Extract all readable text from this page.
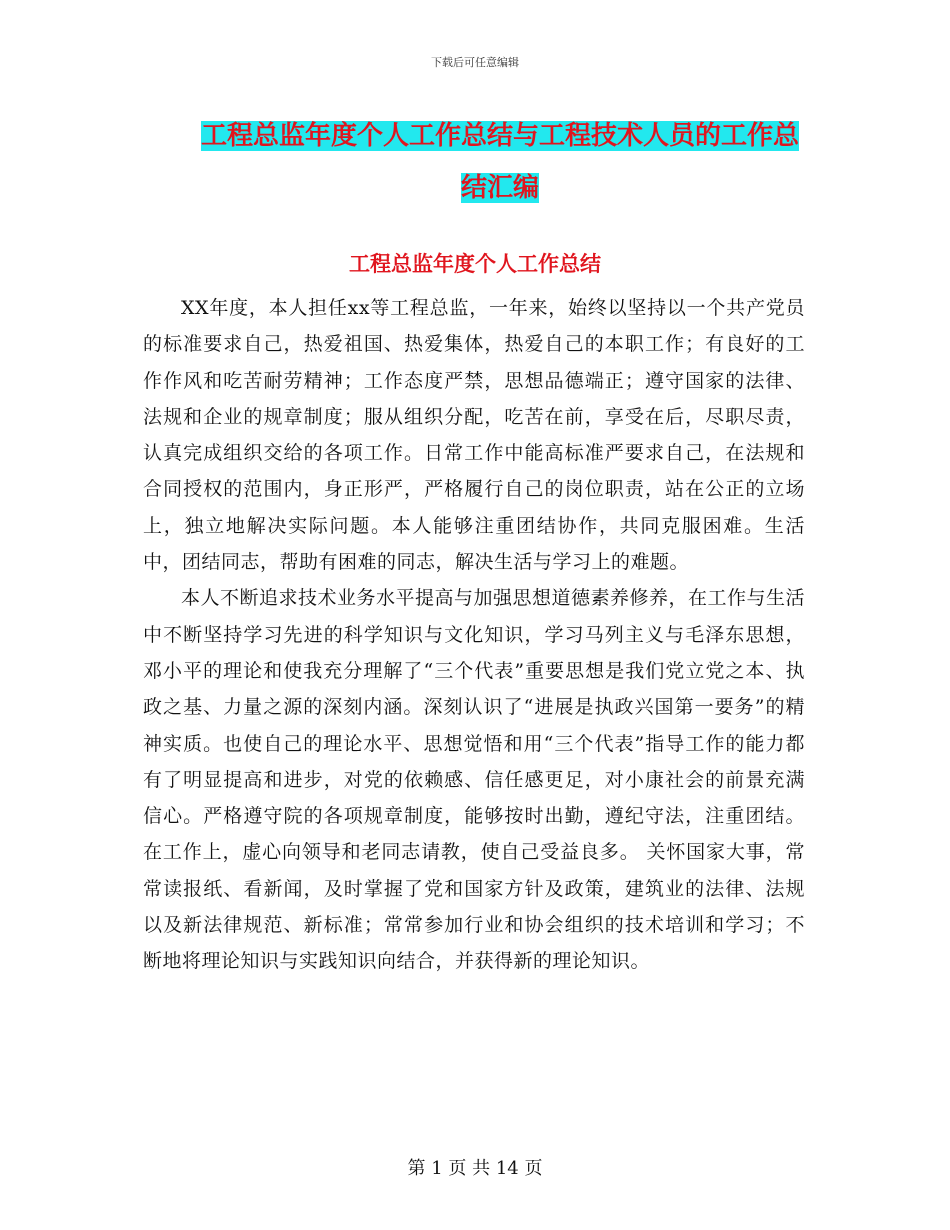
下载后可任意编辑
工程总监年度个人工作总结与工程技术人员的工作总
结汇编
工程总监年度个人工作总结

XX年度，本人担任xx等工程总监，一年来，始终以坚持以一个共产党员的标准要求自己，热爱祖国、热爱集体，热爱自己的本职工作；有良好的工作作风和吃苦耐劳精神；工作态度严禁，思想品德端正；遵守国家的法律、法规和企业的规章制度；服从组织分配，吃苦在前，享受在后，尽职尽责，认真完成组织交给的各项工作。日常工作中能高标准严要求自己，在法规和合同授权的范围内，身正形严，严格履行自己的岗位职责，站在公正的立场上，独立地解决实际问题。本人能够注重团结协作，共同克服困难。生活中，团结同志，帮助有困难的同志，解决生活与学习上的难题。

本人不断追求技术业务水平提高与加强思想道德素养修养，在工作与生活中不断坚持学习先进的科学知识与文化知识，学习马列主义与毛泽东思想，邓小平的理论和使我充分理解了“三个代表”重要思想是我们党立党之本、执政之基、力量之源的深刻内涵。深刻认识了“进展是执政兴国第一要务”的精神实质。也使自己的理论水平、思想觉悟和用“三个代表”指导工作的能力都有了明显提高和进步，对党的依赖感、信任感更足，对小康社会的前景充满信心。严格遵守院的各项规章制度，能够按时出勤，遵纪守法，注重团结。在工作上，虚心向领导和老同志请教，使自己受益良多。 关怀国家大事，常常读报纸、看新闻，及时掌握了党和国家方针及政策，建筑业的法律、法规以及新法律规范、新标准；常常参加行业和协会组织的技术培训和学习；不断地将理论知识与实践知识向结合，并获得新的理论知识。

第 1 页 共 14 页
